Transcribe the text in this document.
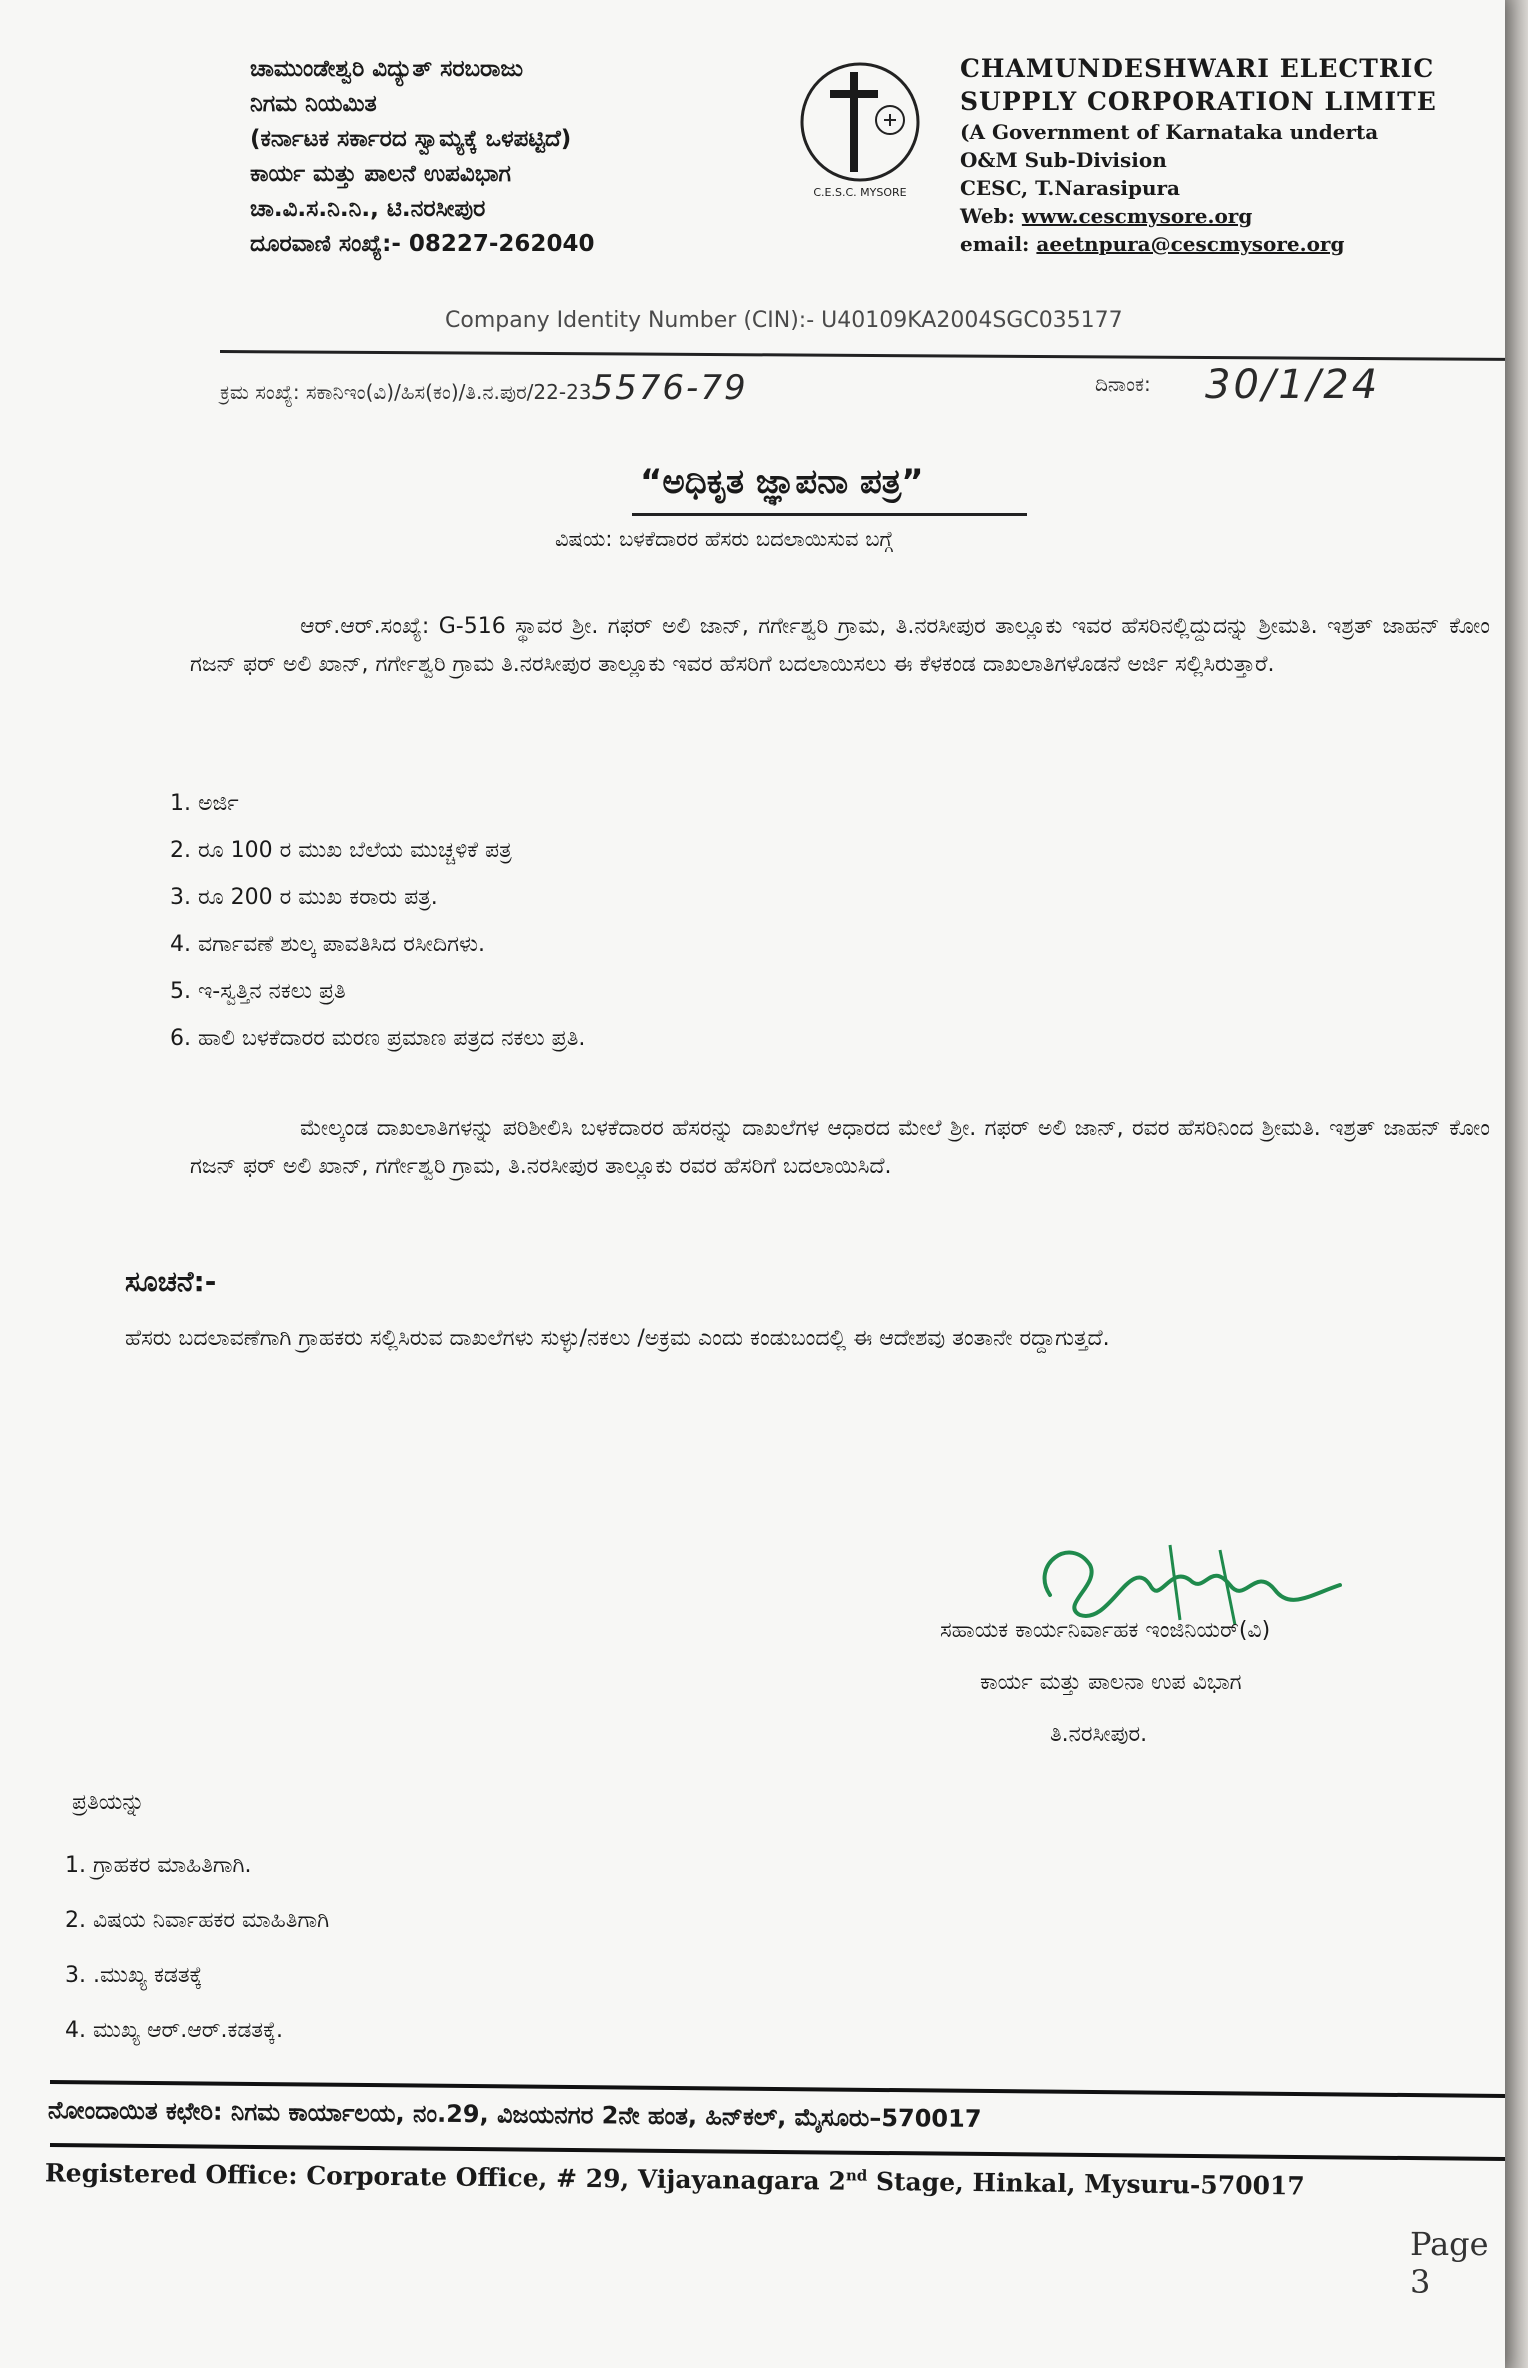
ಚಾಮುಂಡೇಶ್ವರಿ ವಿದ್ಯುತ್ ಸರಬರಾಜು
ನಿಗಮ ನಿಯಮಿತ
(ಕರ್ನಾಟಕ ಸರ್ಕಾರದ ಸ್ವಾಮ್ಯಕ್ಕೆ ಒಳಪಟ್ಟಿದೆ)
ಕಾರ್ಯ ಮತ್ತು ಪಾಲನೆ ಉಪವಿಭಾಗ
ಚಾ.ವಿ.ಸ.ನಿ.ನಿ., ಟಿ.ನರಸೀಪುರ
ದೂರವಾಣಿ ಸಂಖ್ಯೆ:- 08227-262040
C.E.S.C. MYSORE
CHAMUNDESHWARI ELECTRIC
SUPPLY CORPORATION LIMITE
(A Government of Karnataka underta
O&M Sub-Division
CESC, T.Narasipura
Web: www.cescmysore.org
email: aeetnpura@cescmysore.org
Company Identity Number (CIN):- U40109KA2004SGC035177
ಕ್ರಮ ಸಂಖ್ಯೆ: ಸಕಾನಿಇಂ(ವಿ)/ಹಿಸ(ಕಂ)/ತಿ.ನ.ಪುರ/22-235576-79	ದಿನಾಂಕ: 30/1/24
“ಅಧಿಕೃತ ಜ್ಞಾಪನಾ ಪತ್ರ”
ವಿಷಯ: ಬಳಕೆದಾರರ ಹೆಸರು ಬದಲಾಯಿಸುವ ಬಗ್ಗೆ
ಆರ್.ಆರ್.ಸಂಖ್ಯೆ: G-516 ಸ್ಥಾವರ ಶ್ರೀ. ಗಫರ್ ಅಲಿ ಜಾನ್, ಗರ್ಗೇಶ್ವರಿ ಗ್ರಾಮ, ತಿ.ನರಸೀಪುರ ತಾಲ್ಲೂಕು ಇವರ ಹೆಸರಿನಲ್ಲಿದ್ದುದನ್ನು ಶ್ರೀಮತಿ. ಇಶ್ರತ್ ಜಾಹನ್ ಕೋಂ ಗಜನ್ ಫರ್ ಅಲಿ ಖಾನ್, ಗರ್ಗೇಶ್ವರಿ ಗ್ರಾಮ ತಿ.ನರಸೀಪುರ ತಾಲ್ಲೂಕು ಇವರ ಹೆಸರಿಗೆ ಬದಲಾಯಿಸಲು ಈ ಕೆಳಕಂಡ ದಾಖಲಾತಿಗಳೊಡನೆ ಅರ್ಜಿ ಸಲ್ಲಿಸಿರುತ್ತಾರೆ.
1. ಅರ್ಜಿ
2. ರೂ 100 ರ ಮುಖ ಬೆಲೆಯ ಮುಚ್ಚಳಿಕೆ ಪತ್ರ
3. ರೂ 200 ರ ಮುಖ ಕರಾರು ಪತ್ರ.
4. ವರ್ಗಾವಣೆ ಶುಲ್ಕ ಪಾವತಿಸಿದ ರಸೀದಿಗಳು.
5. ಇ-ಸ್ವತ್ತಿನ ನಕಲು ಪ್ರತಿ
6. ಹಾಲಿ ಬಳಕೆದಾರರ ಮರಣ ಪ್ರಮಾಣ ಪತ್ರದ ನಕಲು ಪ್ರತಿ.
ಮೇಲ್ಕಂಡ ದಾಖಲಾತಿಗಳನ್ನು ಪರಿಶೀಲಿಸಿ ಬಳಕೆದಾರರ ಹೆಸರನ್ನು ದಾಖಲೆಗಳ ಆಧಾರದ ಮೇಲೆ ಶ್ರೀ. ಗಫರ್ ಅಲಿ ಜಾನ್, ರವರ ಹೆಸರಿನಿಂದ ಶ್ರೀಮತಿ. ಇಶ್ರತ್ ಜಾಹನ್ ಕೋಂ ಗಜನ್ ಫರ್ ಅಲಿ ಖಾನ್, ಗರ್ಗೇಶ್ವರಿ ಗ್ರಾಮ, ತಿ.ನರಸೀಪುರ ತಾಲ್ಲೂಕು ರವರ ಹೆಸರಿಗೆ ಬದಲಾಯಿಸಿದೆ.
ಸೂಚನೆ:-
ಹೆಸರು ಬದಲಾವಣೆಗಾಗಿ ಗ್ರಾಹಕರು ಸಲ್ಲಿಸಿರುವ ದಾಖಲೆಗಳು ಸುಳ್ಳು/ನಕಲು /ಅಕ್ರಮ ಎಂದು ಕಂಡುಬಂದಲ್ಲಿ ಈ ಆದೇಶವು ತಂತಾನೇ ರದ್ದಾಗುತ್ತದೆ.
ಸಹಾಯಕ ಕಾರ್ಯನಿರ್ವಾಹಕ ಇಂಜಿನಿಯರ್(ವಿ)
ಕಾರ್ಯ ಮತ್ತು ಪಾಲನಾ ಉಪ ವಿಭಾಗ
ತಿ.ನರಸೀಪುರ.
ಪ್ರತಿಯನ್ನು
1. ಗ್ರಾಹಕರ ಮಾಹಿತಿಗಾಗಿ.
2. ವಿಷಯ ನಿರ್ವಾಹಕರ ಮಾಹಿತಿಗಾಗಿ
3. .ಮುಖ್ಯ ಕಡತಕ್ಕೆ
4. ಮುಖ್ಯ ಆರ್.ಆರ್.ಕಡತಕ್ಕೆ.
ನೋಂದಾಯಿತ ಕಛೇರಿ: ನಿಗಮ ಕಾರ್ಯಾಲಯ, ನಂ.29, ವಿಜಯನಗರ 2ನೇ ಹಂತ, ಹಿನ್‌ಕಲ್, ಮೈಸೂರು–570017
Registered Office: Corporate Office, # 29, Vijayanagara 2nd Stage, Hinkal, Mysuru-570017
Page 3
